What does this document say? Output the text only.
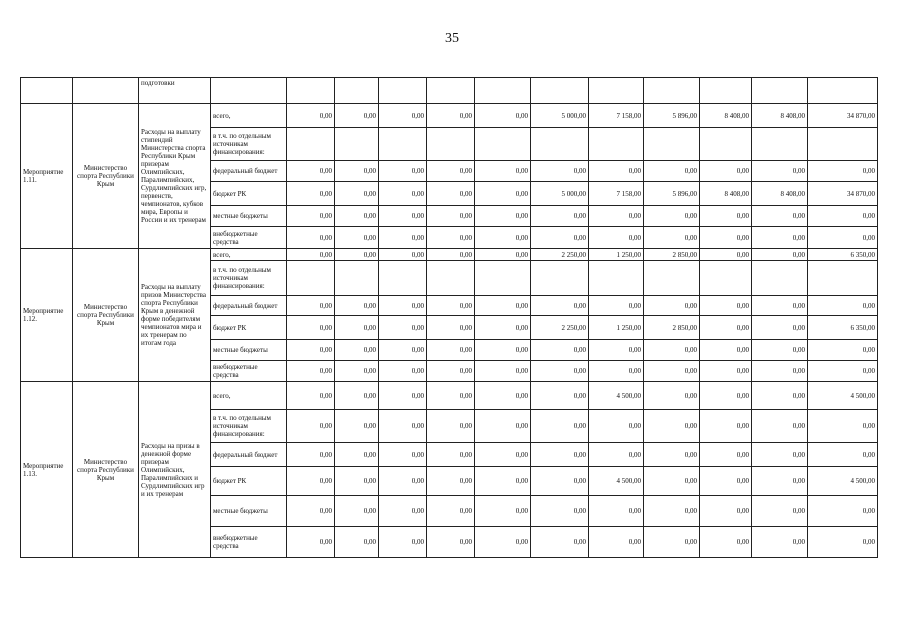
35
		подготовки												

Мероприятие 1.11.	Министерство спорта Республики Крым	Расходы на выплату стипендий Министерства спорта Республики Крым призерам Олимпийских, Паралимпийских, Сурдлимпийских игр, первенств, чемпионатов, кубков мира, Европы и России и их тренерам	всего,	0,00	0,00	0,00	0,00	0,00	5 000,00	7 158,00	5 896,00	8 408,00	8 408,00	34 870,00
			в т.ч. по отдельным источникам финансирования:											
			федеральный бюджет	0,00	0,00	0,00	0,00	0,00	0,00	0,00	0,00	0,00	0,00	0,00
			бюджет РК	0,00	0,00	0,00	0,00	0,00	5 000,00	7 158,00	5 896,00	8 408,00	8 408,00	34 870,00
			местные бюджеты	0,00	0,00	0,00	0,00	0,00	0,00	0,00	0,00	0,00	0,00	0,00
			внебюджетные средства	0,00	0,00	0,00	0,00	0,00	0,00	0,00	0,00	0,00	0,00	0,00
Мероприятие 1.12.	Министерство спорта Республики Крым	Расходы на выплату призов Министерства спорта Республики Крым в денежной форме победителям чемпионатов мира и их тренерам по итогам года	всего,	0,00	0,00	0,00	0,00	0,00	2 250,00	1 250,00	2 850,00	0,00	0,00	6 350,00
			в т.ч. по отдельным источникам финансирования:											
			федеральный бюджет	0,00	0,00	0,00	0,00	0,00	0,00	0,00	0,00	0,00	0,00	0,00
			бюджет РК	0,00	0,00	0,00	0,00	0,00	2 250,00	1 250,00	2 850,00	0,00	0,00	6 350,00
			местные бюджеты	0,00	0,00	0,00	0,00	0,00	0,00	0,00	0,00	0,00	0,00	0,00
			внебюджетные средства	0,00	0,00	0,00	0,00	0,00	0,00	0,00	0,00	0,00	0,00	0,00
Мероприятие 1.13.	Министерство спорта Республики Крым	Расходы на призы в денежной форме призерам Олимпийских, Паралимпийских и Сурдлимпийских игр и их тренерам	всего,	0,00	0,00	0,00	0,00	0,00	0,00	4 500,00	0,00	0,00	0,00	4 500,00
			в т.ч. по отдельным источникам финансирования:	0,00	0,00	0,00	0,00	0,00	0,00	0,00	0,00	0,00	0,00	0,00
			федеральный бюджет	0,00	0,00	0,00	0,00	0,00	0,00	0,00	0,00	0,00	0,00	0,00
			бюджет РК	0,00	0,00	0,00	0,00	0,00	0,00	4 500,00	0,00	0,00	0,00	4 500,00
			местные бюджеты	0,00	0,00	0,00	0,00	0,00	0,00	0,00	0,00	0,00	0,00	0,00
			внебюджетные средства	0,00	0,00	0,00	0,00	0,00	0,00	0,00	0,00	0,00	0,00	0,00
